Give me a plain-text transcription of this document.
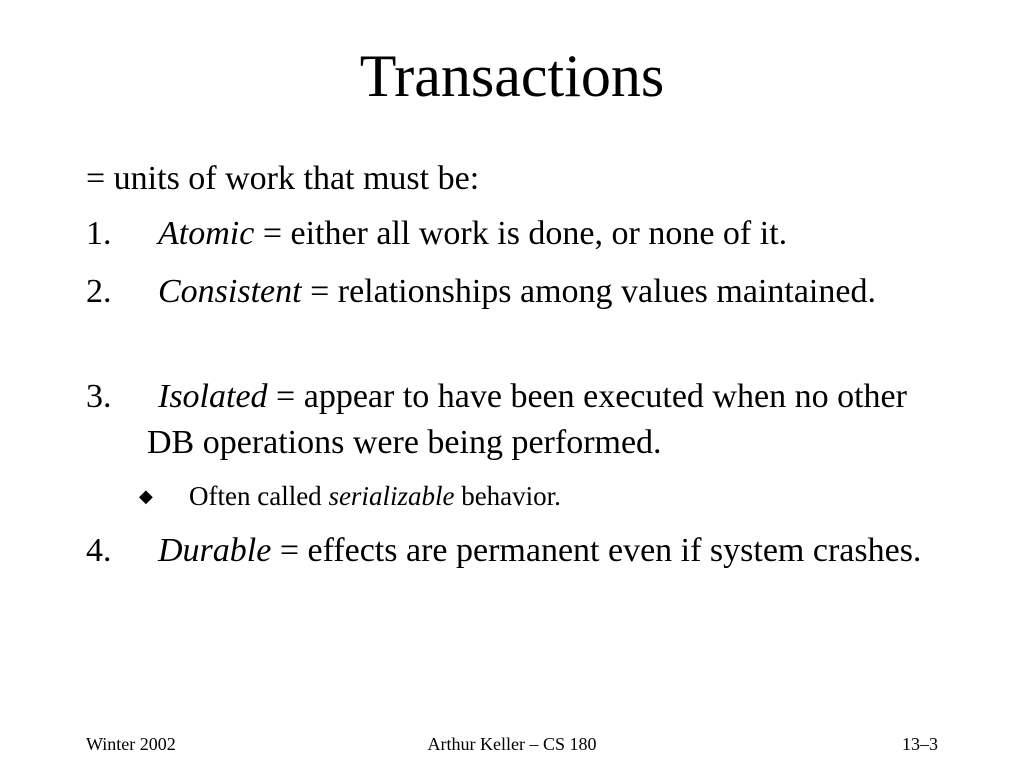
Transactions
= units of work that must be:
1.	Atomic = either all work is done, or none of it.
2.	Consistent = relationships among values maintained.
3.	Isolated = appear to have been executed when no other DB operations were being performed.
◆ Often called serializable behavior.
4.	Durable = effects are permanent even if system crashes.
Winter 2002	Arthur Keller – CS 180	13–3
